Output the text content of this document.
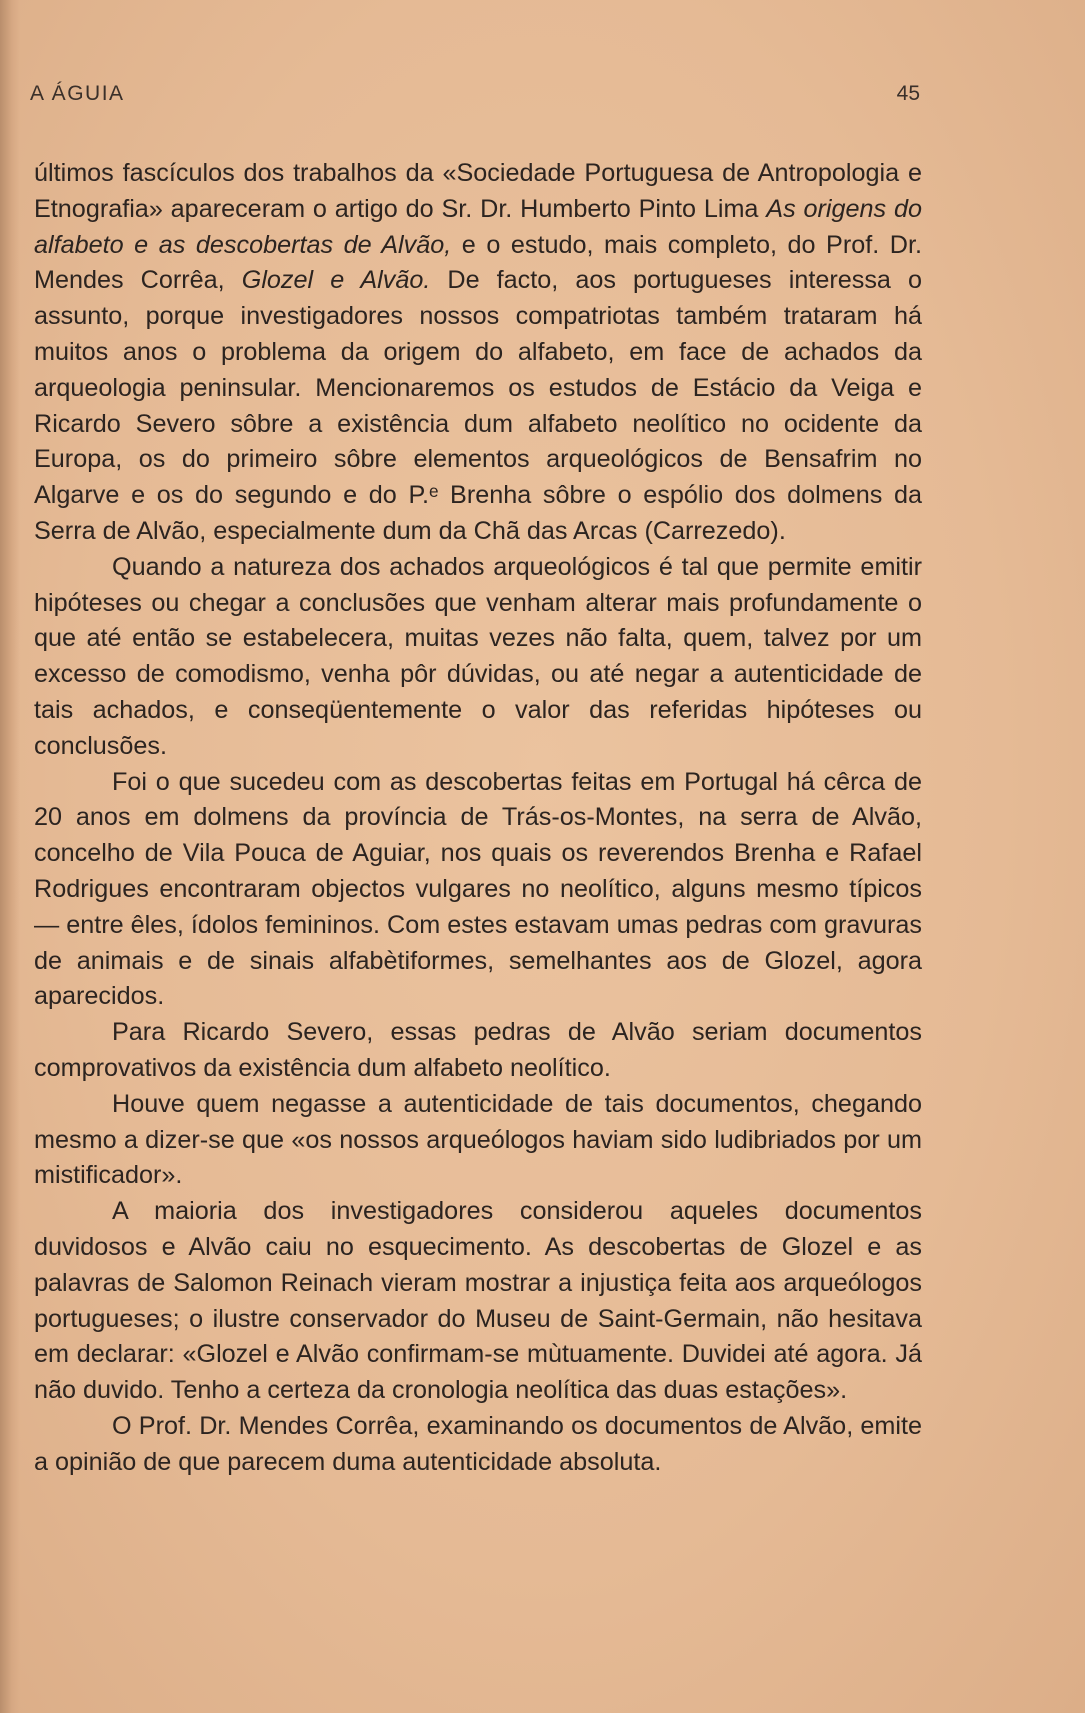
A ÁGUIA	45

últimos fascículos dos trabalhos da «Sociedade Portuguesa de Antropologia e Etnografia» apareceram o artigo do Sr. Dr. Humberto Pinto Lima As origens do alfabeto e as descobertas de Alvão, e o estudo, mais completo, do Prof. Dr. Mendes Corrêa, Glozel e Alvão. De facto, aos portugueses interessa o assunto, porque investigadores nossos compatriotas também trataram há muitos anos o problema da origem do alfabeto, em face de achados da arqueologia peninsular. Mencionaremos os estudos de Estácio da Veiga e Ricardo Severo sôbre a existência dum alfabeto neolítico no ocidente da Europa, os do primeiro sôbre elementos arqueológicos de Bensafrim no Algarve e os do segundo e do P.ᵉ Brenha sôbre o espólio dos dolmens da Serra de Alvão, especialmente dum da Chã das Arcas (Carrezedo).

Quando a natureza dos achados arqueológicos é tal que permite emitir hipóteses ou chegar a conclusões que venham alterar mais profundamente o que até então se estabelecera, muitas vezes não falta, quem, talvez por um excesso de comodismo, venha pôr dúvidas, ou até negar a autenticidade de tais achados, e conseqüentemente o valor das referidas hipóteses ou conclusões.

Foi o que sucedeu com as descobertas feitas em Portugal há cêrca de 20 anos em dolmens da província de Trás-os-Montes, na serra de Alvão, concelho de Vila Pouca de Aguiar, nos quais os reverendos Brenha e Rafael Rodrigues encontraram objectos vulgares no neolítico, alguns mesmo típicos — entre êles, ídolos femininos. Com estes estavam umas pedras com gravuras de animais e de sinais alfabètiformes, semelhantes aos de Glozel, agora aparecidos.

Para Ricardo Severo, essas pedras de Alvão seriam documentos comprovativos da existência dum alfabeto neolítico.

Houve quem negasse a autenticidade de tais documentos, chegando mesmo a dizer-se que «os nossos arqueólogos haviam sido ludibriados por um mistificador».

A maioria dos investigadores considerou aqueles documentos duvidosos e Alvão caiu no esquecimento. As descobertas de Glozel e as palavras de Salomon Reinach vieram mostrar a injustiça feita aos arqueólogos portugueses; o ilustre conservador do Museu de Saint-Germain, não hesitava em declarar: «Glozel e Alvão confirmam-se mùtuamente. Duvidei até agora. Já não duvido. Tenho a certeza da cronologia neolítica das duas estações».

O Prof. Dr. Mendes Corrêa, examinando os documentos de Alvão, emite a opinião de que parecem duma autenticidade absoluta.
